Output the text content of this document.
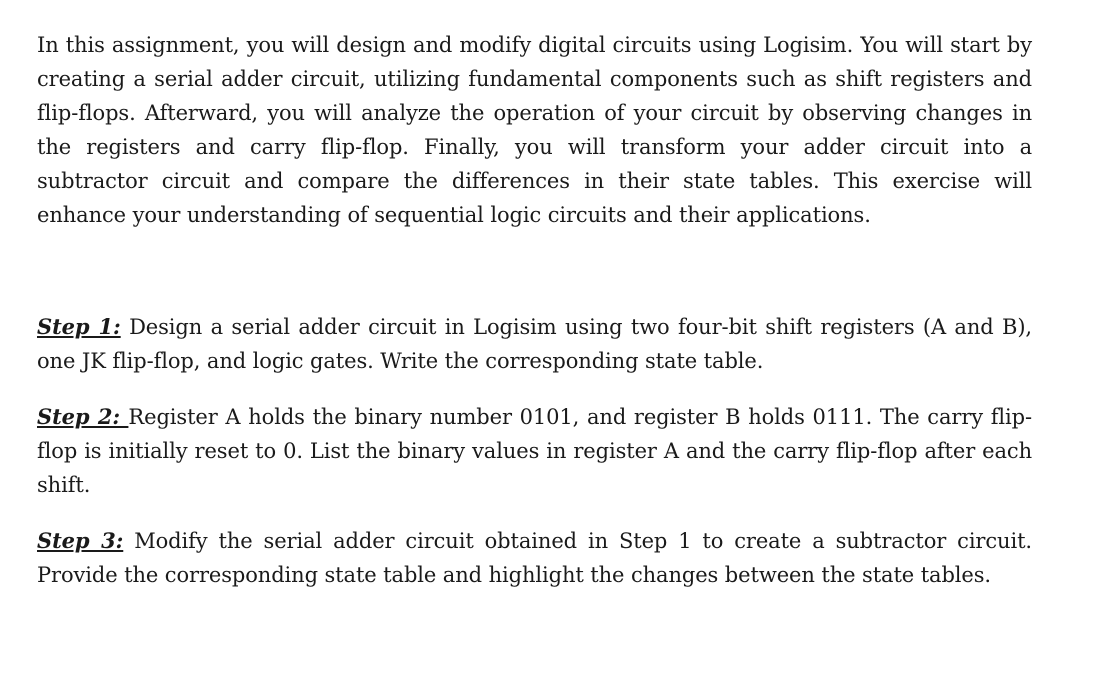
In this assignment, you will design and modify digital circuits using Logisim. You will start by creating a serial adder circuit, utilizing fundamental components such as shift registers and flip-flops. Afterward, you will analyze the operation of your circuit by observing changes in the registers and carry flip-flop. Finally, you will transform your adder circuit into a subtractor circuit and compare the differences in their state tables. This exercise will enhance your understanding of sequential logic circuits and their applications.

Step 1: Design a serial adder circuit in Logisim using two four-bit shift registers (A and B), one JK flip-flop, and logic gates. Write the corresponding state table.

Step 2: Register A holds the binary number 0101, and register B holds 0111. The carry flip-flop is initially reset to 0. List the binary values in register A and the carry flip-flop after each shift.

Step 3: Modify the serial adder circuit obtained in Step 1 to create a subtractor circuit. Provide the corresponding state table and highlight the changes between the state tables.
